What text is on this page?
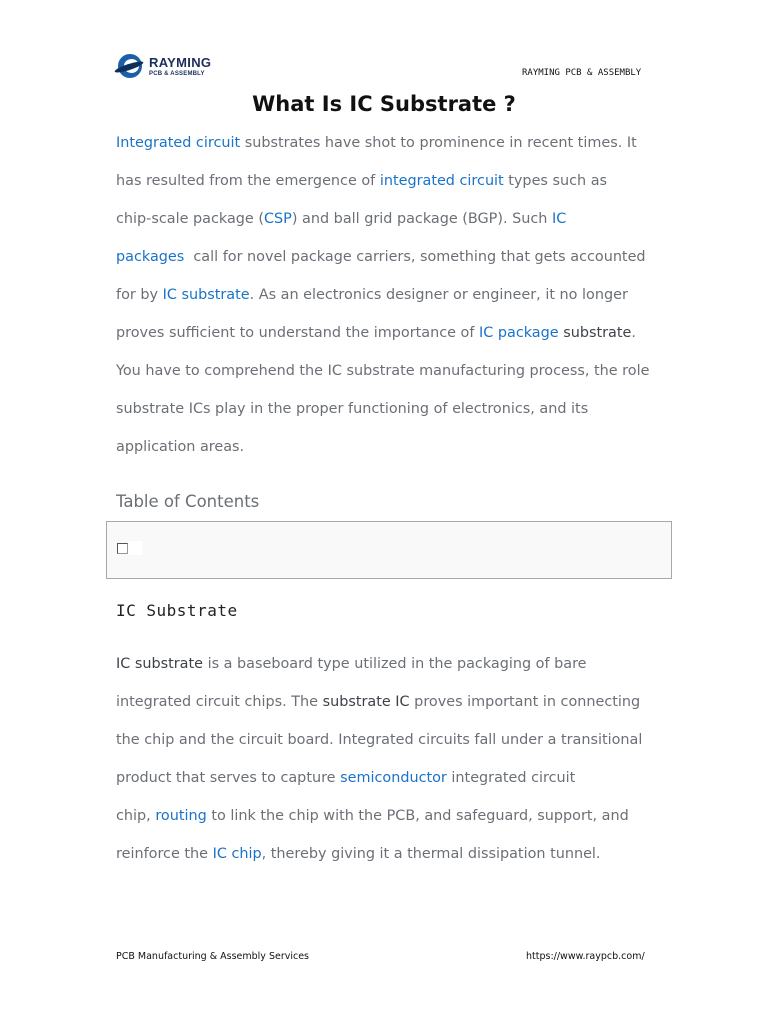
RAYMING
PCB & ASSEMBLY	RAYMING PCB & ASSEMBLY
What Is IC Substrate ?
Integrated circuit substrates have shot to prominence in recent times. It
has resulted from the emergence of integrated circuit types such as
chip-scale package (CSP) and ball grid package (BGP). Such IC
packages  call for novel package carriers, something that gets accounted
for by IC substrate. As an electronics designer or engineer, it no longer
proves sufficient to understand the importance of IC package substrate.
You have to comprehend the IC substrate manufacturing process, the role
substrate ICs play in the proper functioning of electronics, and its
application areas.
Table of Contents
IC Substrate
IC substrate is a baseboard type utilized in the packaging of bare
integrated circuit chips. The substrate IC proves important in connecting
the chip and the circuit board. Integrated circuits fall under a transitional
product that serves to capture semiconductor integrated circuit
chip, routing to link the chip with the PCB, and safeguard, support, and
reinforce the IC chip, thereby giving it a thermal dissipation tunnel.
PCB Manufacturing & Assembly Services	https://www.raypcb.com/
